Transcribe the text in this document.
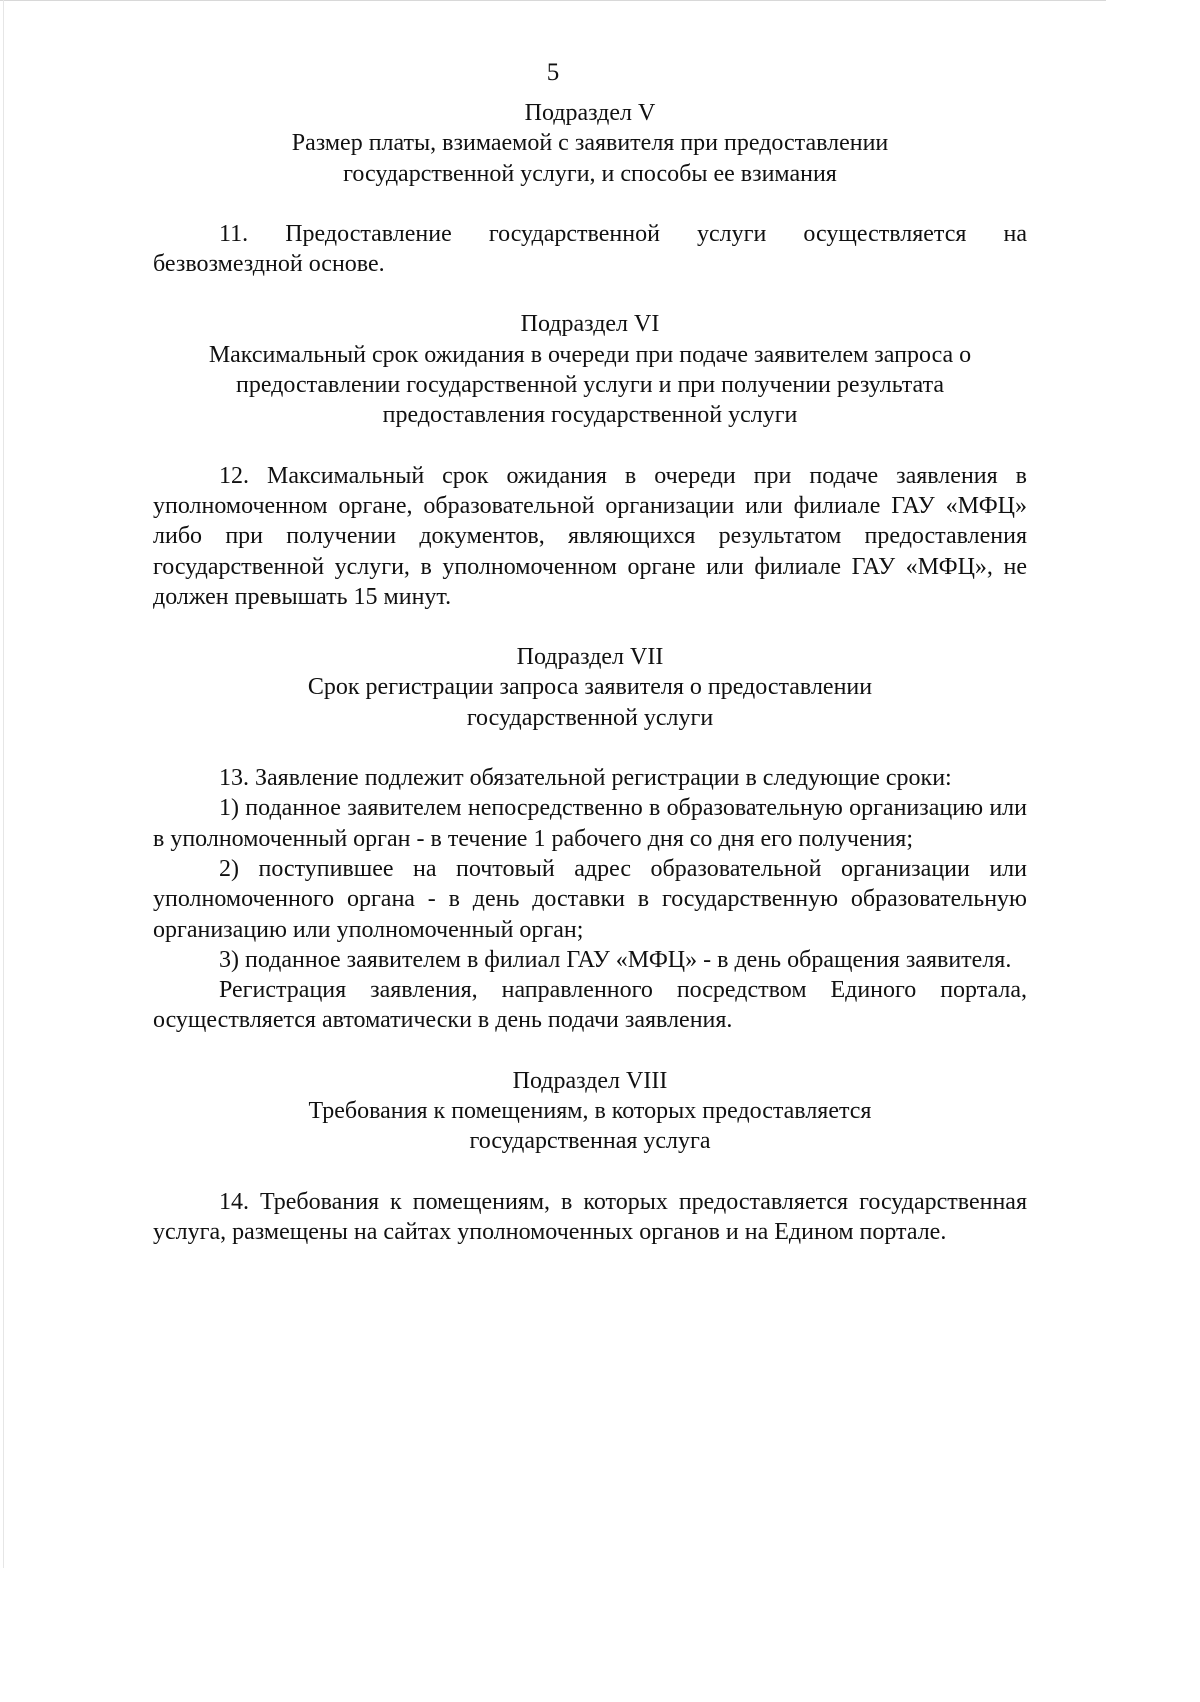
5

Подраздел V

Размер платы, взимаемой с заявителя при предоставлении

государственной услуги, и способы ее взимания

11. Предоставление государственной услуги осуществляется на безвозмездной основе.

Подраздел VI

Максимальный срок ожидания в очереди при подаче заявителем запроса о

предоставлении государственной услуги и при получении результата

предоставления государственной услуги

12. Максимальный срок ожидания в очереди при подаче заявления в уполномоченном органе, образовательной организации или филиале ГАУ «МФЦ» либо при получении документов, являющихся результатом предоставления государственной услуги, в уполномоченном органе или филиале ГАУ «МФЦ», не должен превышать 15 минут.

Подраздел VII

Срок регистрации запроса заявителя о предоставлении

государственной услуги

13. Заявление подлежит обязательной регистрации в следующие сроки:

1) поданное заявителем непосредственно в образовательную организацию или в уполномоченный орган - в течение 1 рабочего дня со дня его получения;

2) поступившее на почтовый адрес образовательной организации или уполномоченного органа - в день доставки в государственную образовательную организацию или уполномоченный орган;

3) поданное заявителем в филиал ГАУ «МФЦ» - в день обращения заявителя.

Регистрация заявления, направленного посредством Единого портала, осуществляется автоматически в день подачи заявления.

Подраздел VIII

Требования к помещениям, в которых предоставляется

государственная услуга

14. Требования к помещениям, в которых предоставляется государственная услуга, размещены на сайтах уполномоченных органов и на Едином портале.
